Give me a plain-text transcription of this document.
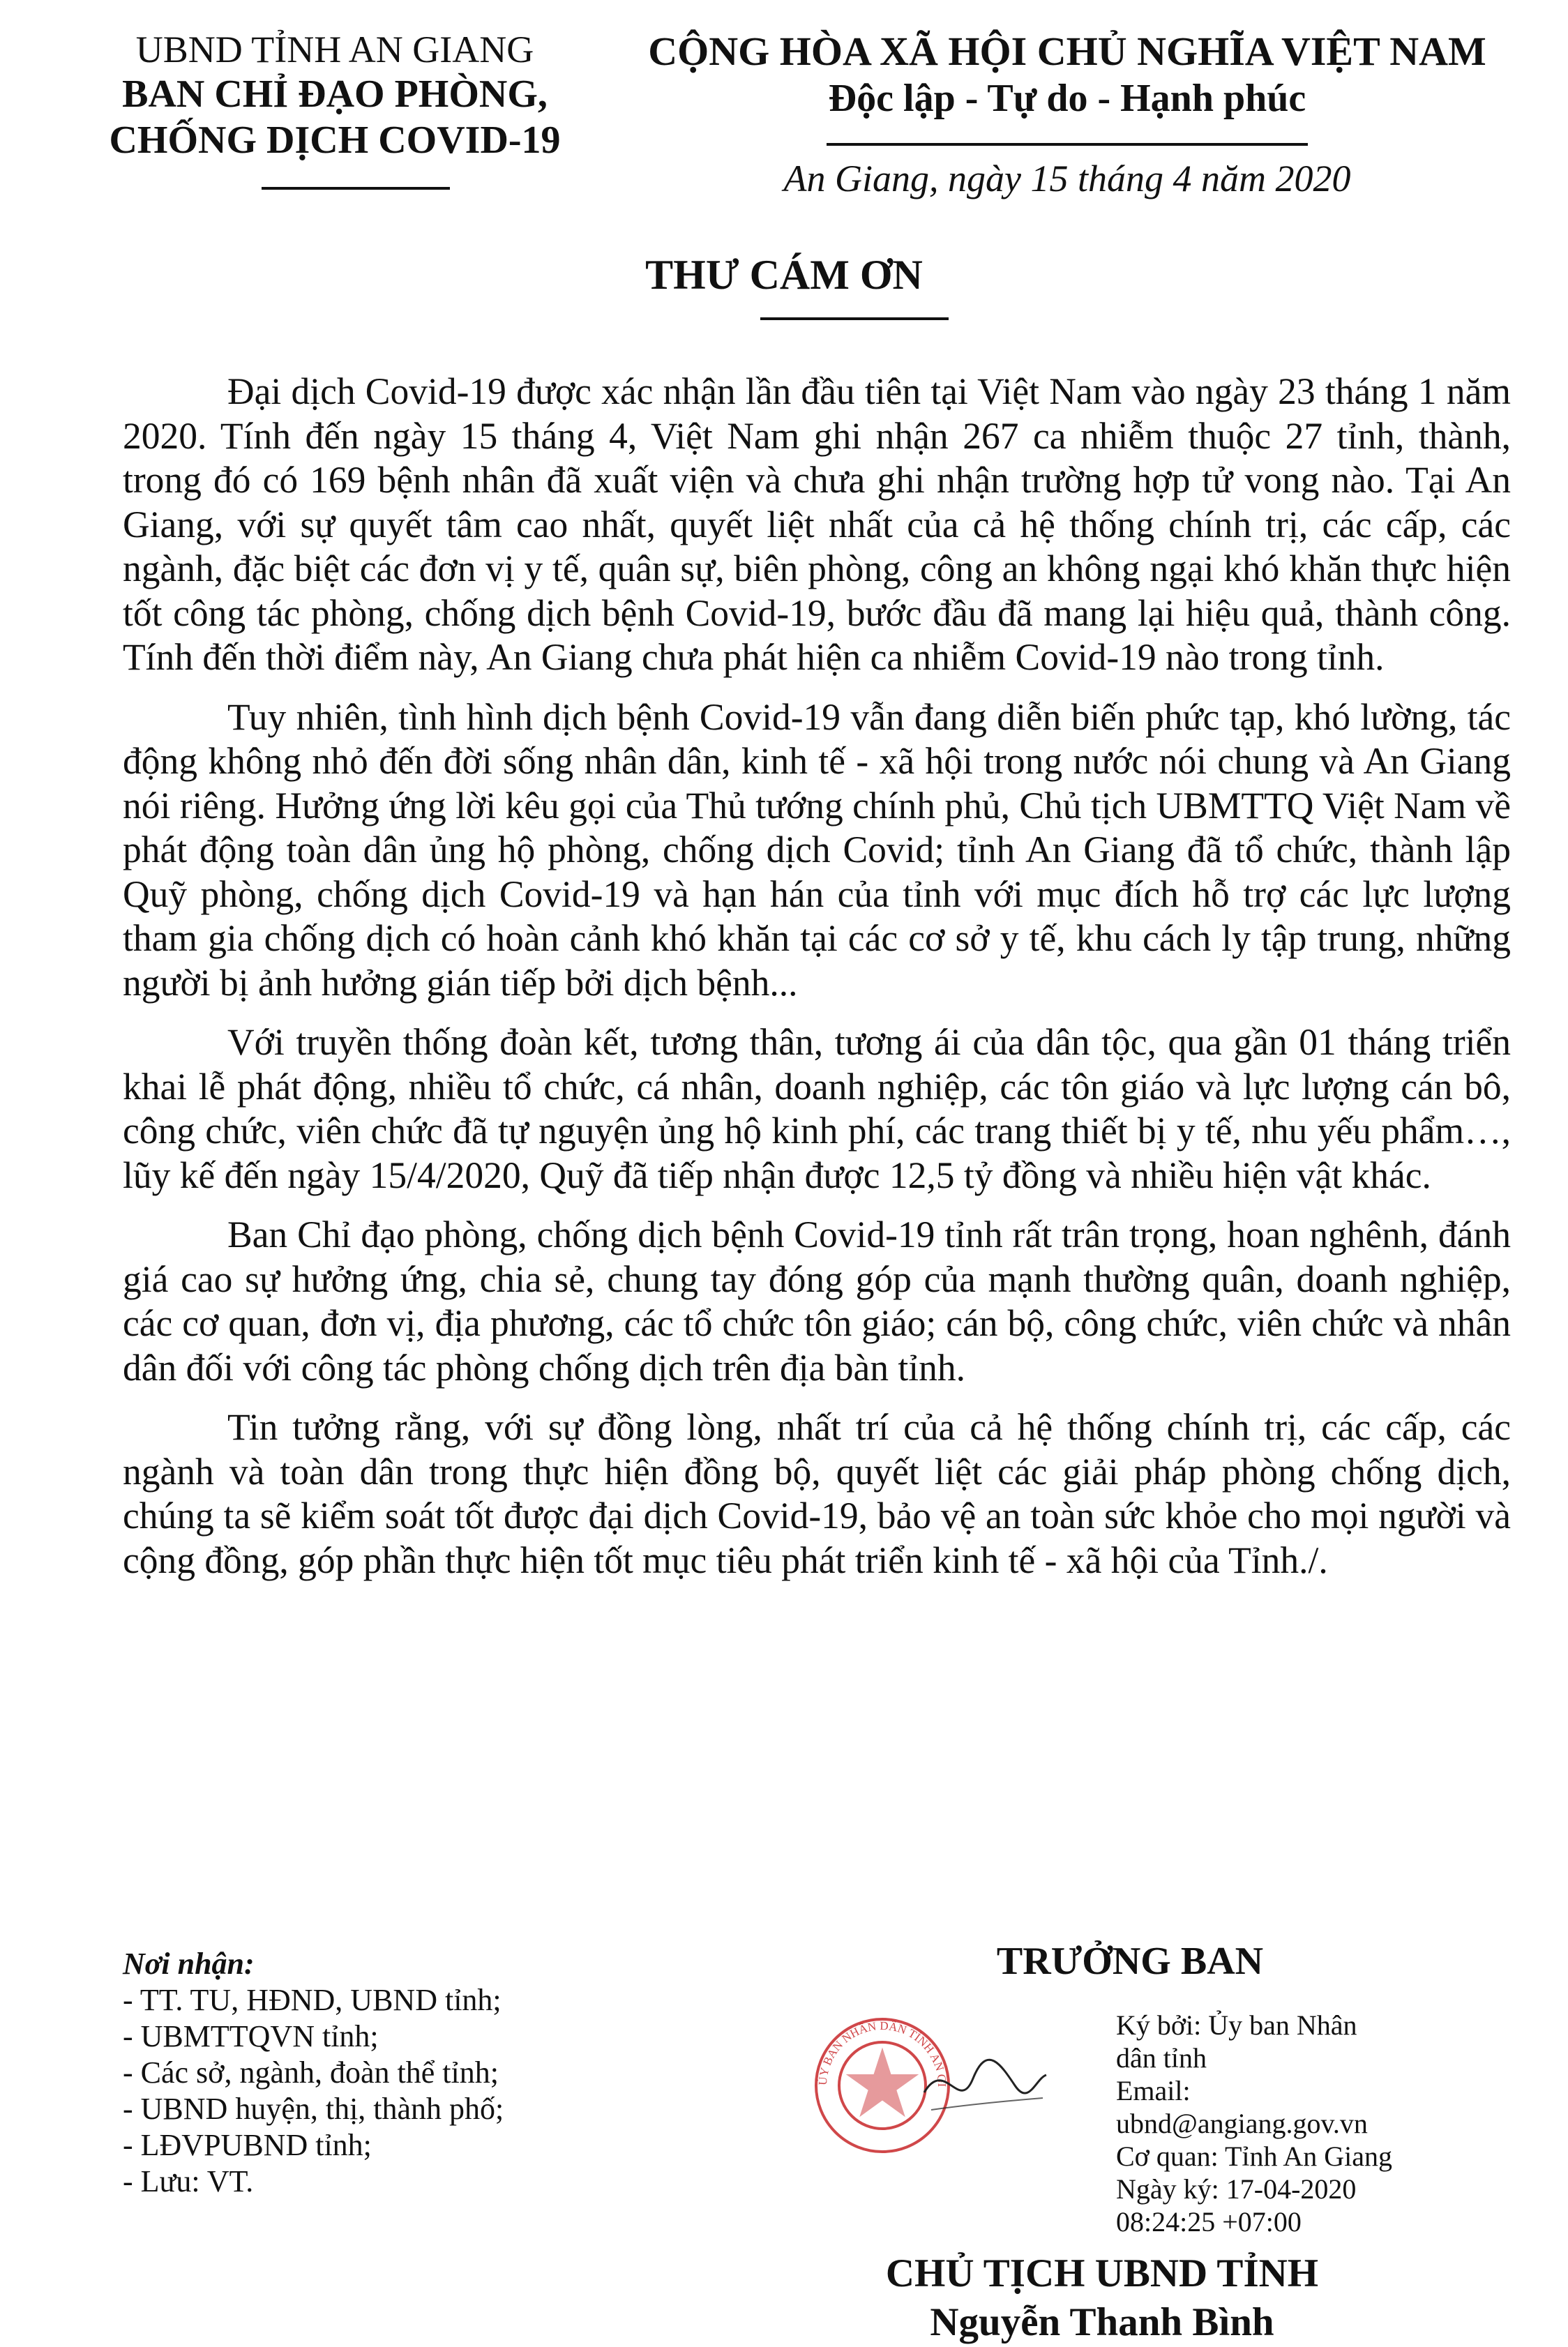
UBND TỈNH AN GIANG
BAN CHỈ ĐẠO PHÒNG,
CHỐNG DỊCH COVID-19
CỘNG HÒA XÃ HỘI CHỦ NGHĨA VIỆT NAM
Độc lập - Tự do - Hạnh phúc
An Giang, ngày 15 tháng 4 năm 2020
THƯ CÁM ƠN

Đại dịch Covid-19 được xác nhận lần đầu tiên tại Việt Nam vào ngày 23 tháng 1 năm 2020. Tính đến ngày 15 tháng 4, Việt Nam ghi nhận 267 ca nhiễm thuộc 27 tỉnh, thành, trong đó có 169 bệnh nhân đã xuất viện và chưa ghi nhận trường hợp tử vong nào. Tại An Giang, với sự quyết tâm cao nhất, quyết liệt nhất của cả hệ thống chính trị, các cấp, các ngành, đặc biệt các đơn vị y tế, quân sự, biên phòng, công an không ngại khó khăn thực hiện tốt công tác phòng, chống dịch bệnh Covid-19, bước đầu đã mang lại hiệu quả, thành công. Tính đến thời điểm này, An Giang chưa phát hiện ca nhiễm Covid-19 nào trong tỉnh.

Tuy nhiên, tình hình dịch bệnh Covid-19 vẫn đang diễn biến phức tạp, khó lường, tác động không nhỏ đến đời sống nhân dân, kinh tế - xã hội trong nước nói chung và An Giang nói riêng. Hưởng ứng lời kêu gọi của Thủ tướng chính phủ, Chủ tịch UBMTTQ Việt Nam về phát động toàn dân ủng hộ phòng, chống dịch Covid; tỉnh An Giang đã tổ chức, thành lập Quỹ phòng, chống dịch Covid-19 và hạn hán của tỉnh với mục đích hỗ trợ các lực lượng tham gia chống dịch có hoàn cảnh khó khăn tại các cơ sở y tế, khu cách ly tập trung, những người bị ảnh hưởng gián tiếp bởi dịch bệnh...

Với truyền thống đoàn kết, tương thân, tương ái của dân tộc, qua gần 01 tháng triển khai lễ phát động, nhiều tổ chức, cá nhân, doanh nghiệp, các tôn giáo và lực lượng cán bô, công chức, viên chức đã tự nguyện ủng hộ kinh phí, các trang thiết bị y tế, nhu yếu phẩm…, lũy kế đến ngày 15/4/2020, Quỹ đã tiếp nhận được 12,5 tỷ đồng và nhiều hiện vật khác.

Ban Chỉ đạo phòng, chống dịch bệnh Covid-19 tỉnh rất trân trọng, hoan nghênh, đánh giá cao sự hưởng ứng, chia sẻ, chung tay đóng góp của mạnh thường quân, doanh nghiệp, các cơ quan, đơn vị, địa phương, các tổ chức tôn giáo; cán bộ, công chức, viên chức và nhân dân đối với công tác phòng chống dịch trên địa bàn tỉnh.

Tin tưởng rằng, với sự đồng lòng, nhất trí của cả hệ thống chính trị, các cấp, các ngành và toàn dân trong thực hiện đồng bộ, quyết liệt các giải pháp phòng chống dịch, chúng ta sẽ kiểm soát tốt được đại dịch Covid-19, bảo vệ an toàn sức khỏe cho mọi người và cộng đồng, góp phần thực hiện tốt mục tiêu phát triển kinh tế - xã hội của Tỉnh./.

Nơi nhận:
- TT. TU, HĐND, UBND tỉnh;
- UBMTTQVN tỉnh;
- Các sở, ngành, đoàn thể tỉnh;
- UBND huyện, thị, thành phố;
- LĐVPUBND tỉnh;
- Lưu: VT.
TRƯỞNG BAN
ỦY BAN NHÂN DÂN TỈNH AN GI
Ký bởi: Ủy ban Nhân
dân tỉnh
Email:
ubnd@angiang.gov.vn
Cơ quan: Tỉnh An Giang
Ngày ký: 17-04-2020
08:24:25 +07:00
CHỦ TỊCH UBND TỈNH
Nguyễn Thanh Bình
